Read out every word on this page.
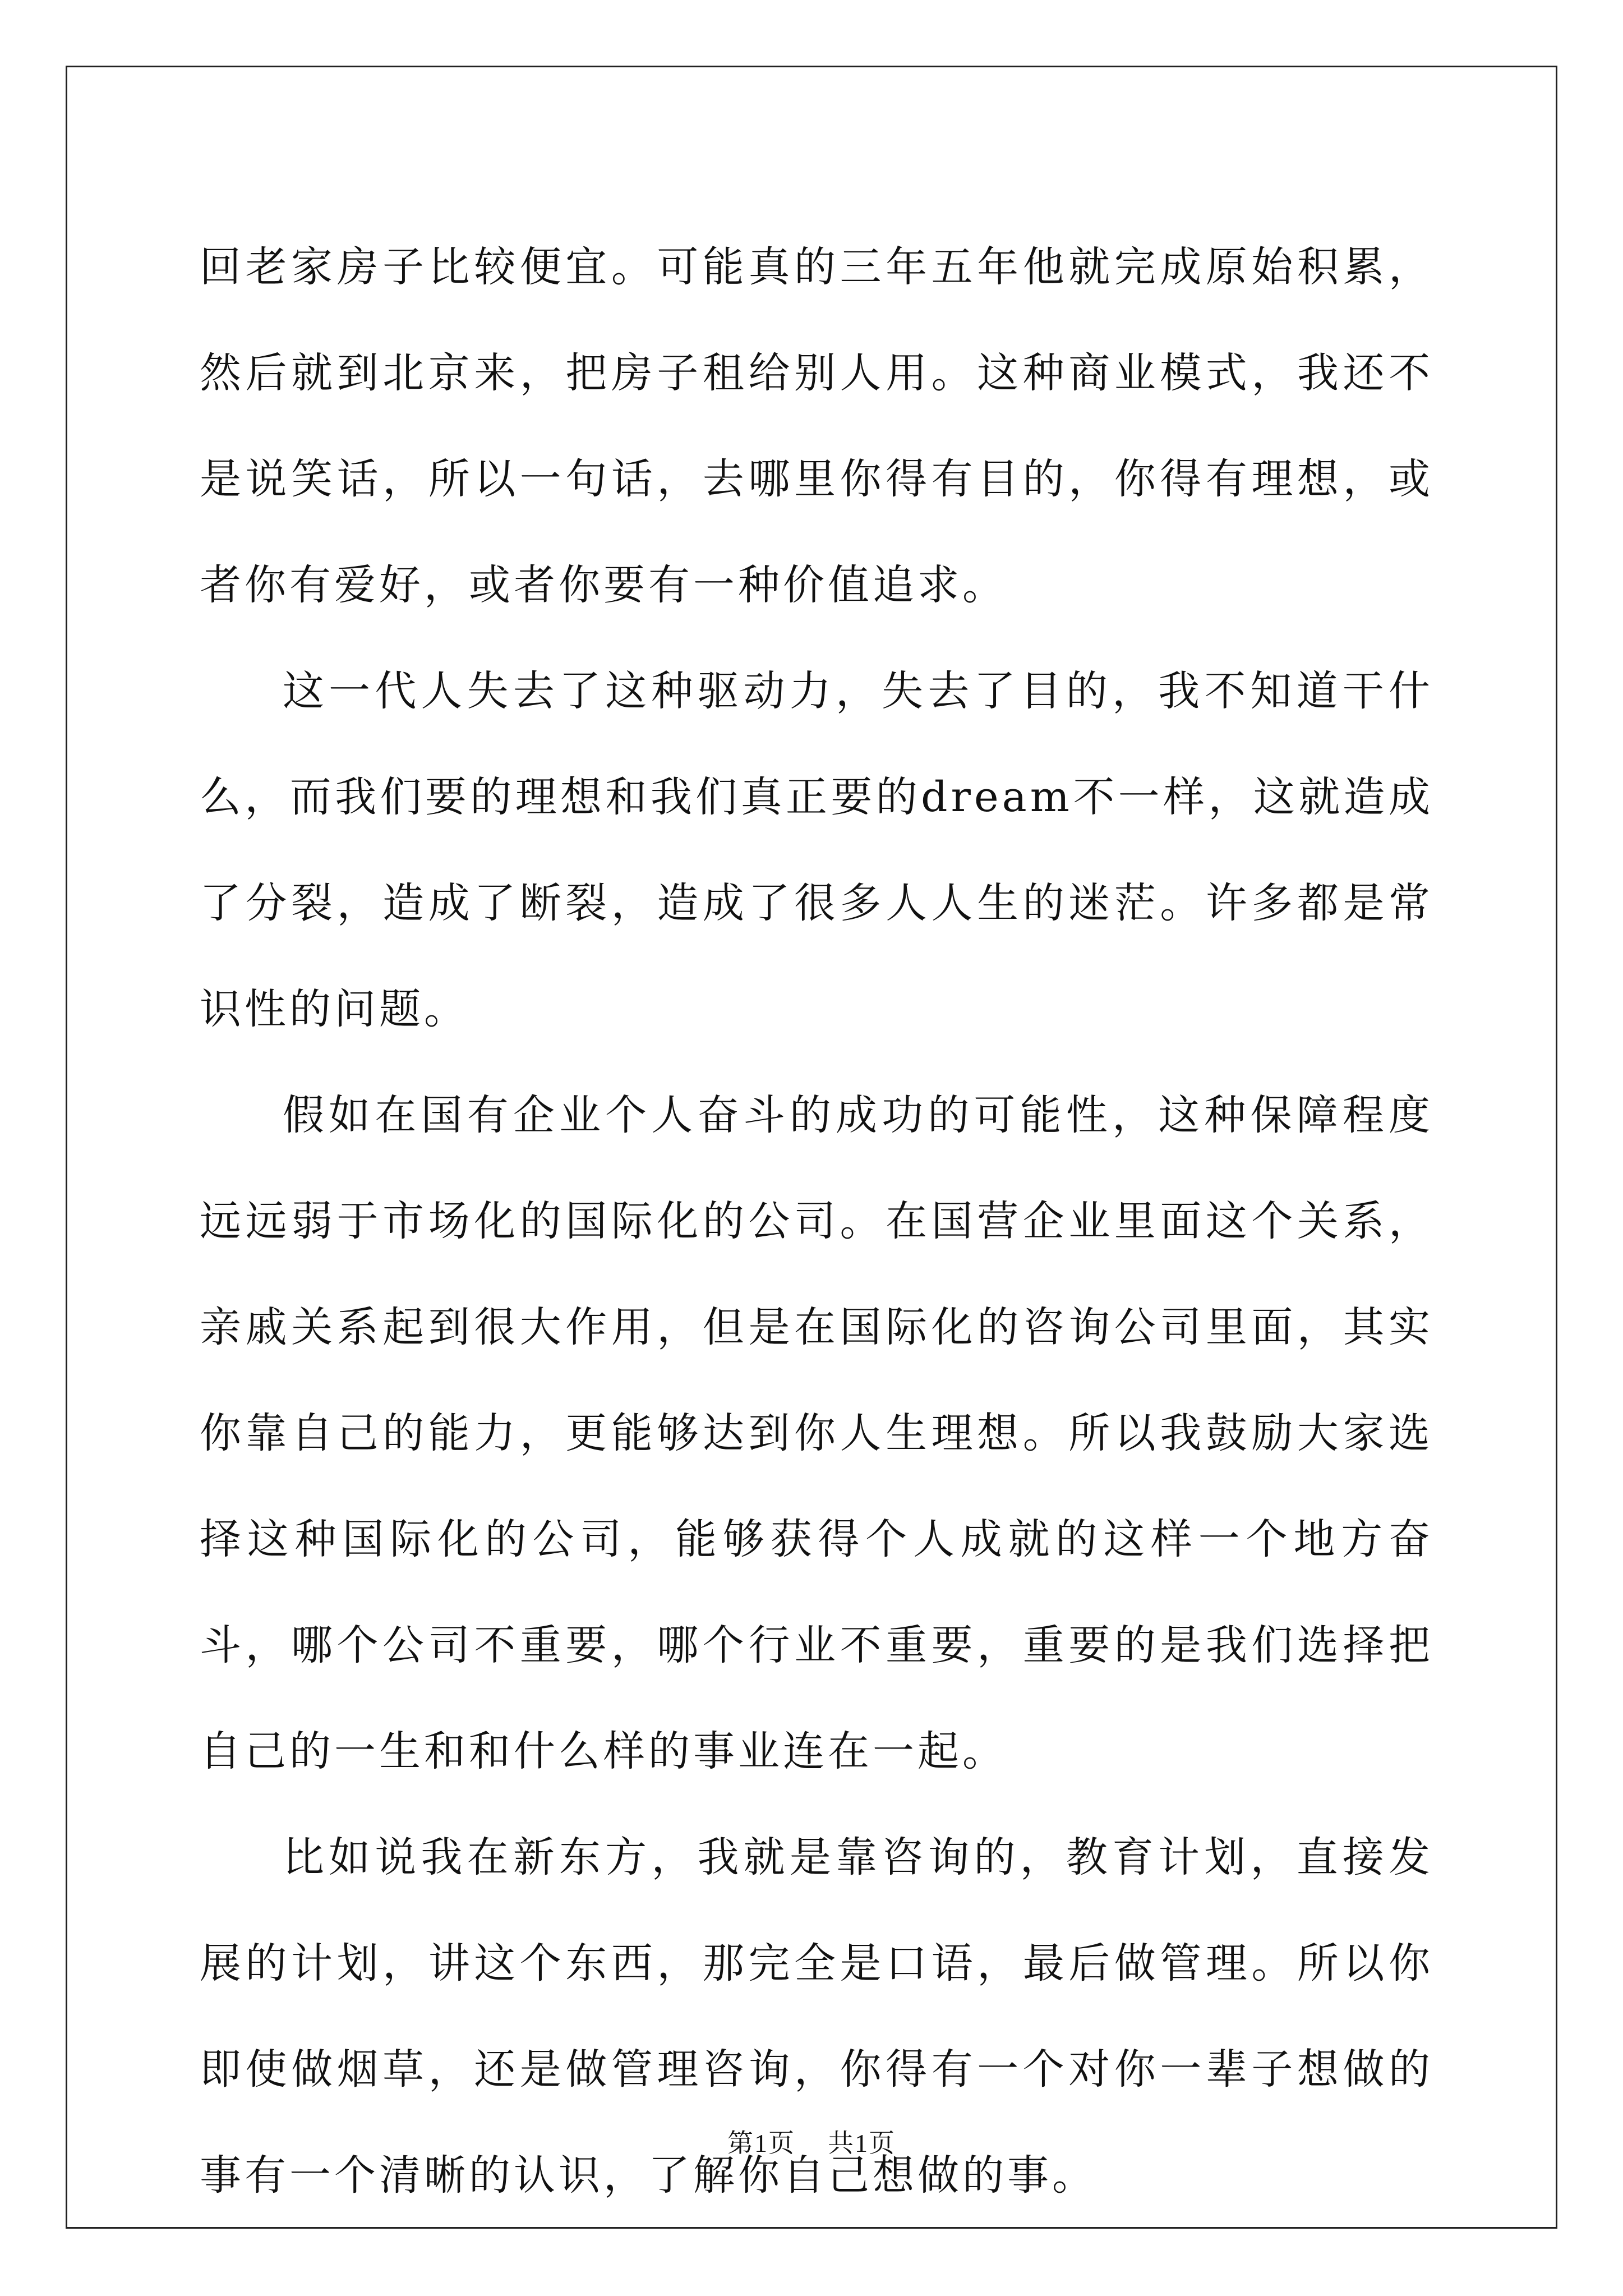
回老家房子比较便宜。可能真的三年五年他就完成原始积累，然后就到北京来，把房子租给别人用。这种商业模式，我还不是说笑话，所以一句话，去哪里你得有目的，你得有理想，或者你有爱好，或者你要有一种价值追求。

这一代人失去了这种驱动力，失去了目的，我不知道干什么，而我们要的理想和我们真正要的dream不一样，这就造成了分裂，造成了断裂，造成了很多人人生的迷茫。许多都是常识性的问题。

假如在国有企业个人奋斗的成功的可能性，这种保障程度远远弱于市场化的国际化的公司。在国营企业里面这个关系，亲戚关系起到很大作用，但是在国际化的咨询公司里面，其实你靠自己的能力，更能够达到你人生理想。所以我鼓励大家选择这种国际化的公司，能够获得个人成就的这样一个地方奋斗，哪个公司不重要，哪个行业不重要，重要的是我们选择把自己的一生和和什么样的事业连在一起。

比如说我在新东方，我就是靠咨询的，教育计划，直接发展的计划，讲这个东西，那完全是口语，最后做管理。所以你即使做烟草，还是做管理咨询，你得有一个对你一辈子想做的事有一个清晰的认识，了解你自己想做的事。

第1页 共1页
